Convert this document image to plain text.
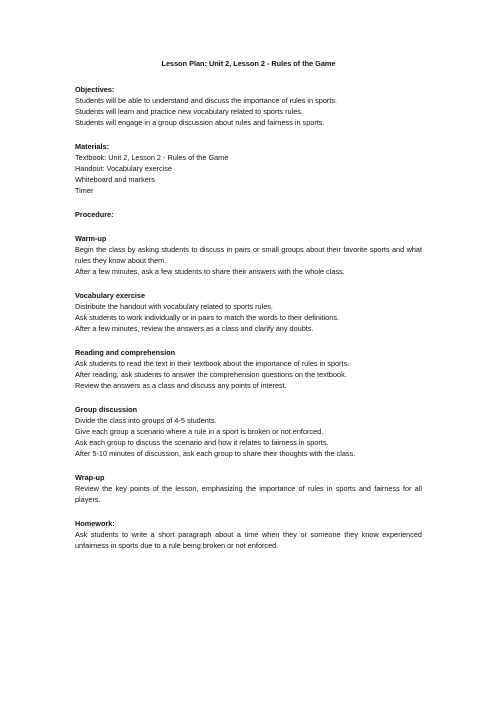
Lesson Plan: Unit 2, Lesson 2 - Rules of the Game
Objectives:
Students will be able to understand and discuss the importance of rules in sports.
Students will learn and practice new vocabulary related to sports rules.
Students will engage in a group discussion about rules and fairness in sports.
Materials:
Textbook: Unit 2, Lesson 2 - Rules of the Game
Handout: Vocabulary exercise
Whiteboard and markers
Timer
Procedure:
Warm-up
Begin the class by asking students to discuss in pairs or small groups about their favorite sports and what rules they know about them.
After a few minutes, ask a few students to share their answers with the whole class.
Vocabulary exercise
Distribute the handout with vocabulary related to sports rules.
Ask students to work individually or in pairs to match the words to their definitions.
After a few minutes, review the answers as a class and clarify any doubts.
Reading and comprehension
Ask students to read the text in their textbook about the importance of rules in sports.
After reading, ask students to answer the comprehension questions on the textbook.
Review the answers as a class and discuss any points of interest.
Group discussion
Divide the class into groups of 4-5 students.
Give each group a scenario where a rule in a sport is broken or not enforced.
Ask each group to discuss the scenario and how it relates to fairness in sports.
After 5-10 minutes of discussion, ask each group to share their thoughts with the class.
Wrap-up
Review the key points of the lesson, emphasizing the importance of rules in sports and fairness for all players.
Homework:
Ask students to write a short paragraph about a time when they or someone they know experienced unfairness in sports due to a rule being broken or not enforced.
